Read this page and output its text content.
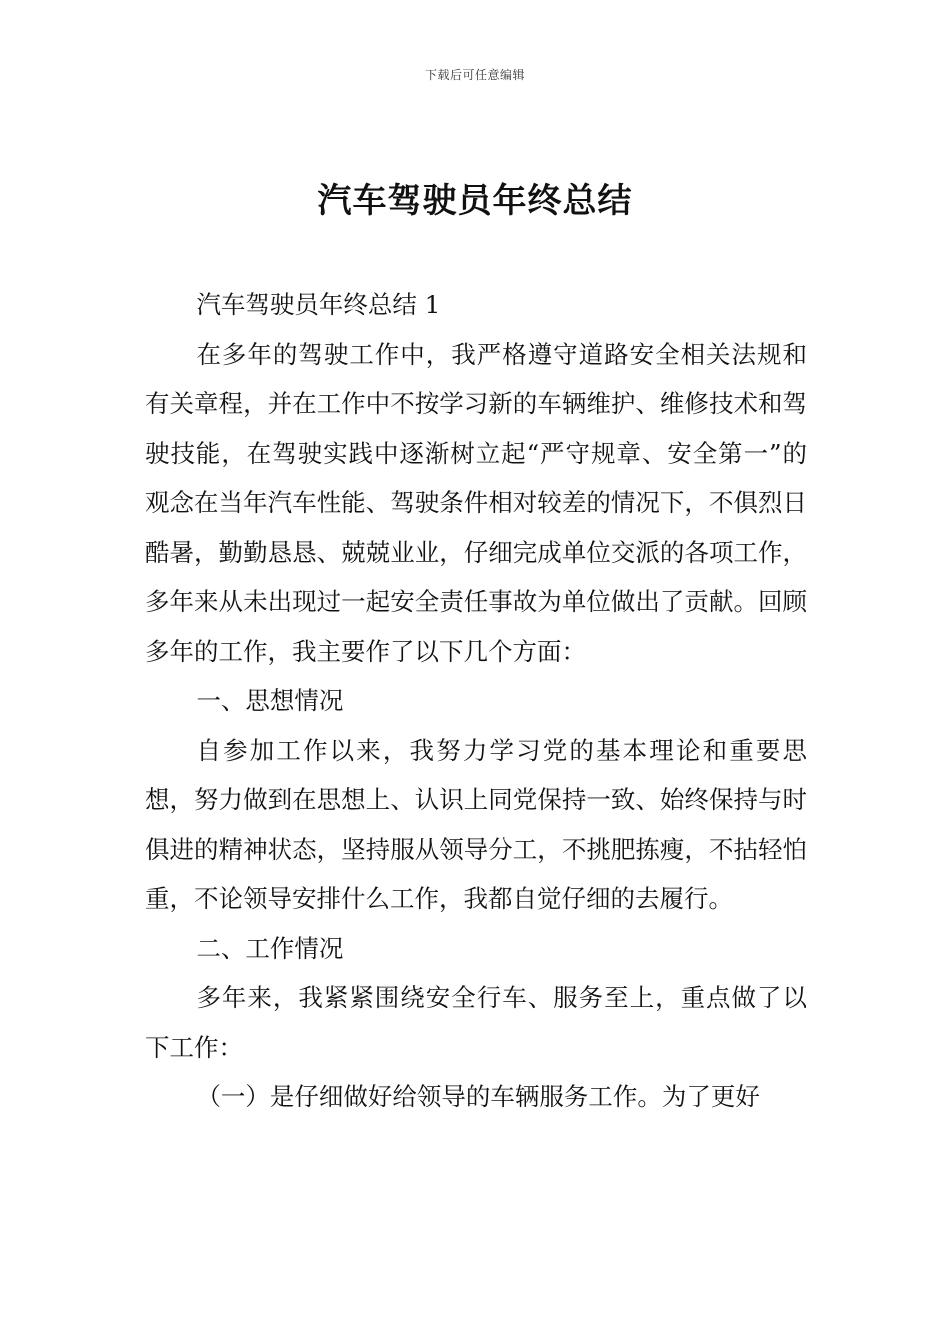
下载后可任意编辑
汽车驾驶员年终总结

汽车驾驶员年终总结 1

在多年的驾驶工作中，我严格遵守道路安全相关法规和有关章程，并在工作中不按学习新的车辆维护、维修技术和驾驶技能，在驾驶实践中逐渐树立起“严守规章、安全第一”的观念在当年汽车性能、驾驶条件相对较差的情况下，不俱烈日酷暑，勤勤恳恳、兢兢业业，仔细完成单位交派的各项工作，多年来从未出现过一起安全责任事故为单位做出了贡献。回顾多年的工作，我主要作了以下几个方面：

一、思想情况

自参加工作以来，我努力学习党的基本理论和重要思想，努力做到在思想上、认识上同党保持一致、始终保持与时俱进的精神状态，坚持服从领导分工，不挑肥拣瘦，不拈轻怕重，不论领导安排什么工作，我都自觉仔细的去履行。

二、工作情况

多年来，我紧紧围绕安全行车、服务至上，重点做了以下工作：

（一）是仔细做好给领导的车辆服务工作。为了更好
